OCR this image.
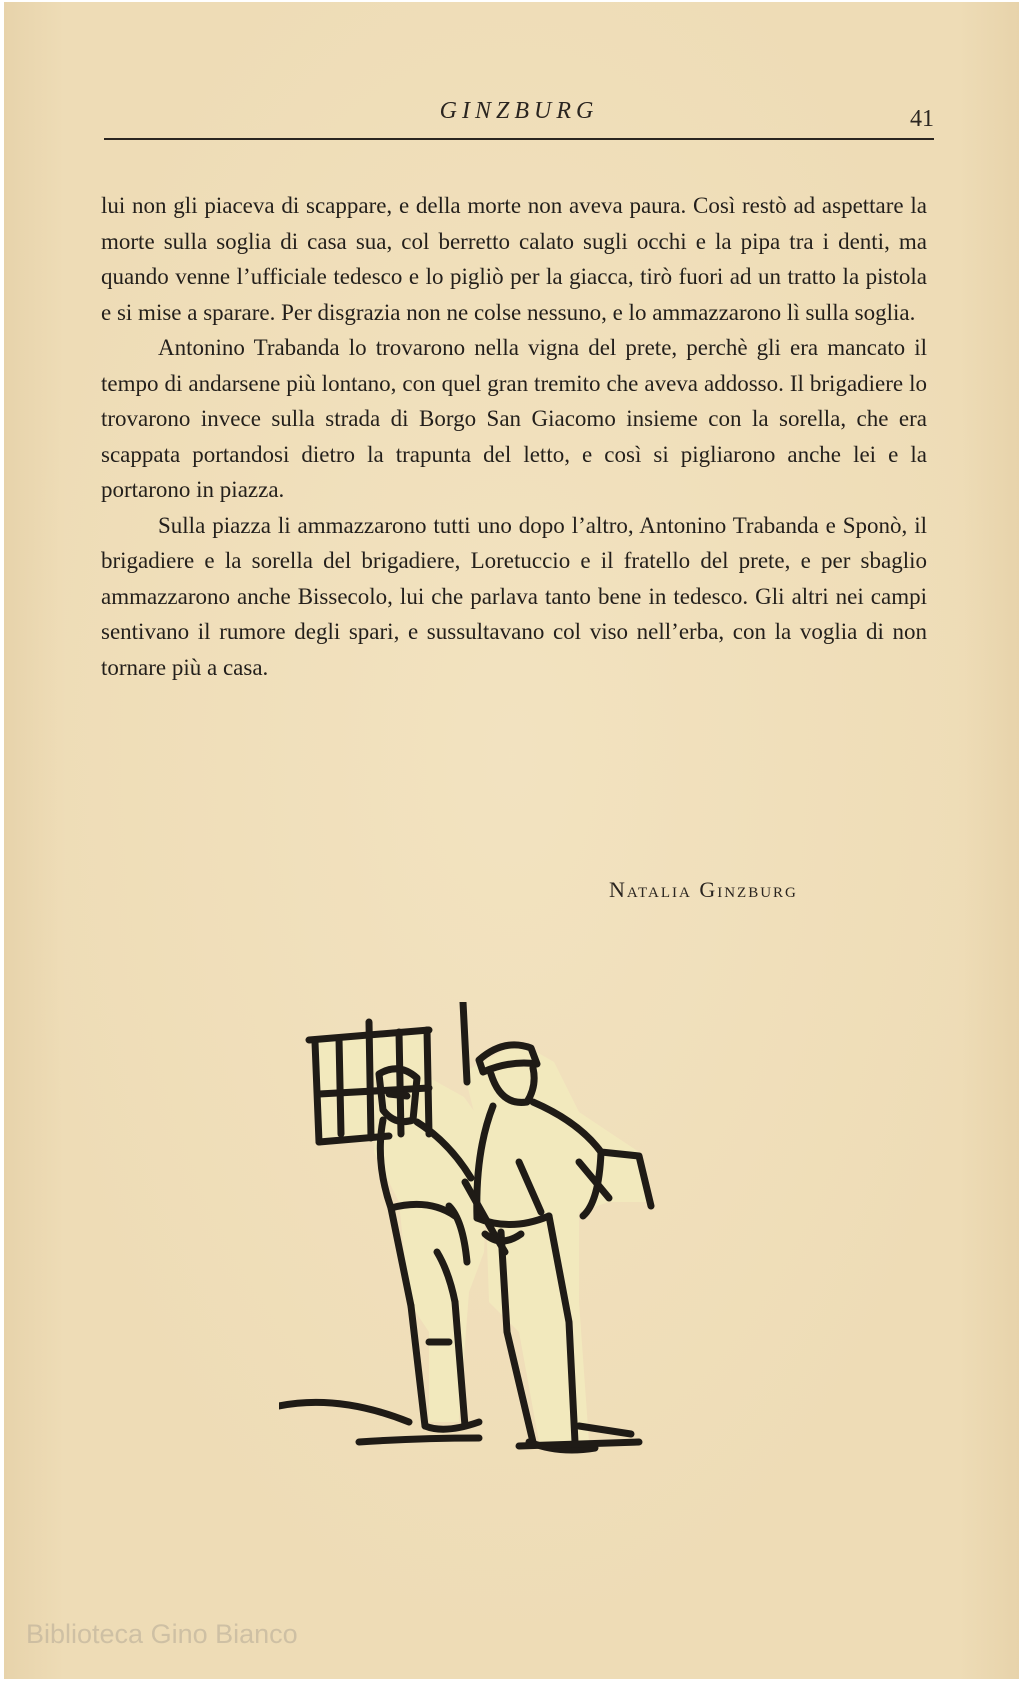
GINZBURG	41

lui non gli piaceva di scappare, e della morte non aveva paura. Così restò ad aspettare la morte sulla soglia di casa sua, col berretto calato sugli occhi e la pipa tra i denti, ma quando venne l’ufficiale tedesco e lo pigliò per la giacca, tirò fuori ad un tratto la pistola e si mise a sparare. Per disgrazia non ne colse nessuno, e lo ammazzarono lì sulla soglia.

Antonino Trabanda lo trovarono nella vigna del prete, perchè gli era mancato il tempo di andarsene più lontano, con quel gran tremito che aveva addosso. Il brigadiere lo trovarono invece sulla strada di Borgo San Giacomo insieme con la sorella, che era scappata portandosi dietro la trapunta del letto, e così si pigliarono anche lei e la portarono in piazza.

Sulla piazza li ammazzarono tutti uno dopo l’altro, Antonino Trabanda e Sponò, il brigadiere e la sorella del brigadiere, Loretuccio e il fratello del prete, e per sbaglio ammazzarono anche Bissecolo, lui che parlava tanto bene in tedesco. Gli altri nei campi sentivano il rumore degli spari, e sussultavano col viso nell’erba, con la voglia di non tornare più a casa.

Natalia Ginzburg
Biblioteca Gino Bianco
